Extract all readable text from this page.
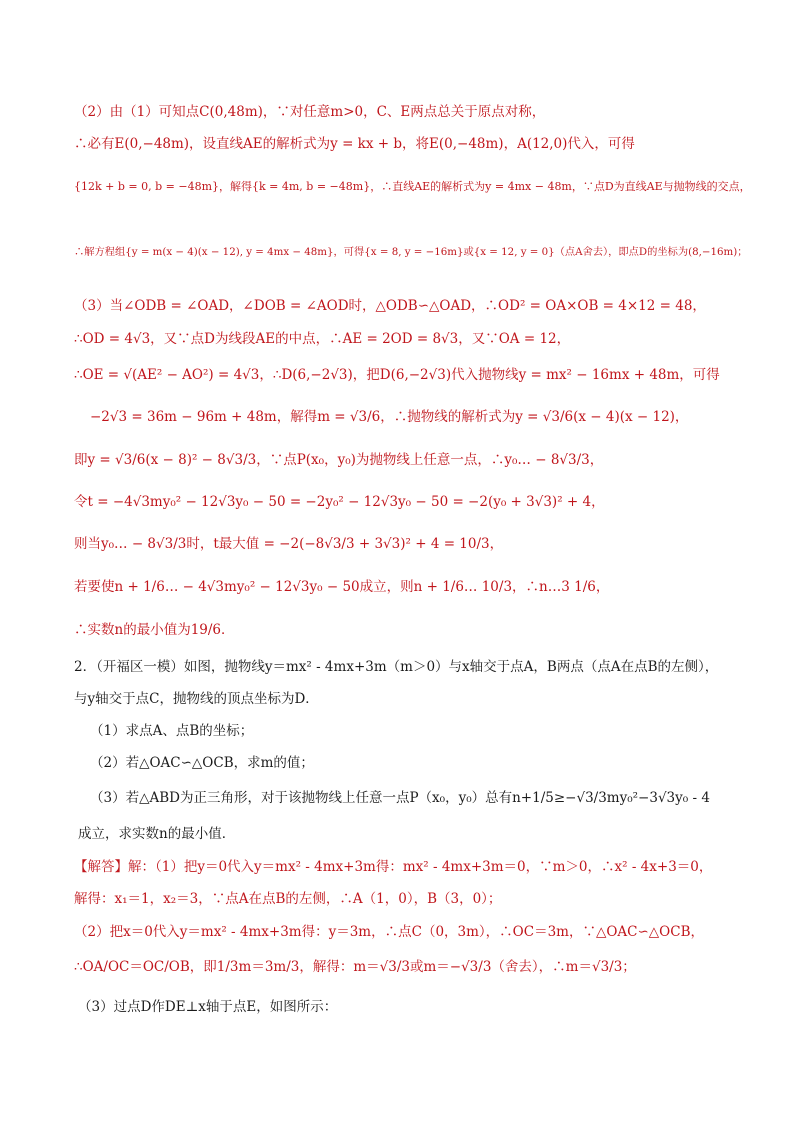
（2）由（1）可知点C(0,48m)，∵对任意m>0，C、E两点总关于原点对称，
∴必有E(0,−48m)，设直线AE的解析式为y = kx + b，将E(0,−48m)，A(12,0)代入，可得
{12k + b = 0, b = −48m}，解得{k = 4m, b = −48m}，∴直线AE的解析式为y = 4mx − 48m，∵点D为直线AE与抛物线的交点，
∴解方程组{y = m(x − 4)(x − 12), y = 4mx − 48m}，可得{x = 8, y = −16m}或{x = 12, y = 0}（点A舍去），即点D的坐标为(8,−16m)；
（3）当∠ODB = ∠OAD，∠DOB = ∠AOD时，△ODB∽△OAD，∴OD² = OA×OB = 4×12 = 48，
∴OD = 4√3，又∵点D为线段AE的中点，∴AE = 2OD = 8√3，又∵OA = 12，
∴OE = √(AE² − AO²) = 4√3，∴D(6,−2√3)，把D(6,−2√3)代入抛物线y = mx² − 16mx + 48m，可得
−2√3 = 36m − 96m + 48m，解得m = √3/6，∴抛物线的解析式为y = √3/6(x − 4)(x − 12)，
即y = √3/6(x − 8)² − 8√3/3，∵点P(x₀，y₀)为抛物线上任意一点，∴y₀… − 8√3/3，
令t = −4√3my₀² − 12√3y₀ − 50 = −2y₀² − 12√3y₀ − 50 = −2(y₀ + 3√3)² + 4，
则当y₀… − 8√3/3时，t最大值 = −2(−8√3/3 + 3√3)² + 4 = 10/3，
若要使n + 1/6… − 4√3my₀² − 12√3y₀ − 50成立，则n + 1/6… 10/3，∴n…3 1/6，
∴实数n的最小值为19/6．
2．（开福区一模）如图，抛物线y＝mx² - 4mx+3m（m＞0）与x轴交于点A，B两点（点A在点B的左侧），
与y轴交于点C，抛物线的顶点坐标为D．
（1）求点A、点B的坐标；
（2）若△OAC∽△OCB，求m的值；
（3）若△ABD为正三角形，对于该抛物线上任意一点P（x₀，y₀）总有n+1/5≥−√3/3my₀²−3√3y₀ - 4
成立，求实数n的最小值．
【解答】解：（1）把y＝0代入y＝mx² - 4mx+3m得：mx² - 4mx+3m＝0，∵m＞0，∴x² - 4x+3＝0，
解得：x₁＝1，x₂＝3，∵点A在点B的左侧，∴A（1，0），B（3，0）；
（2）把x＝0代入y＝mx² - 4mx+3m得：y＝3m，∴点C（0，3m），∴OC＝3m，∵△OAC∽△OCB，
∴OA/OC＝OC/OB，即1/3m＝3m/3，解得：m＝√3/3或m＝−√3/3（舍去），∴m＝√3/3；
（3）过点D作DE⊥x轴于点E，如图所示：
